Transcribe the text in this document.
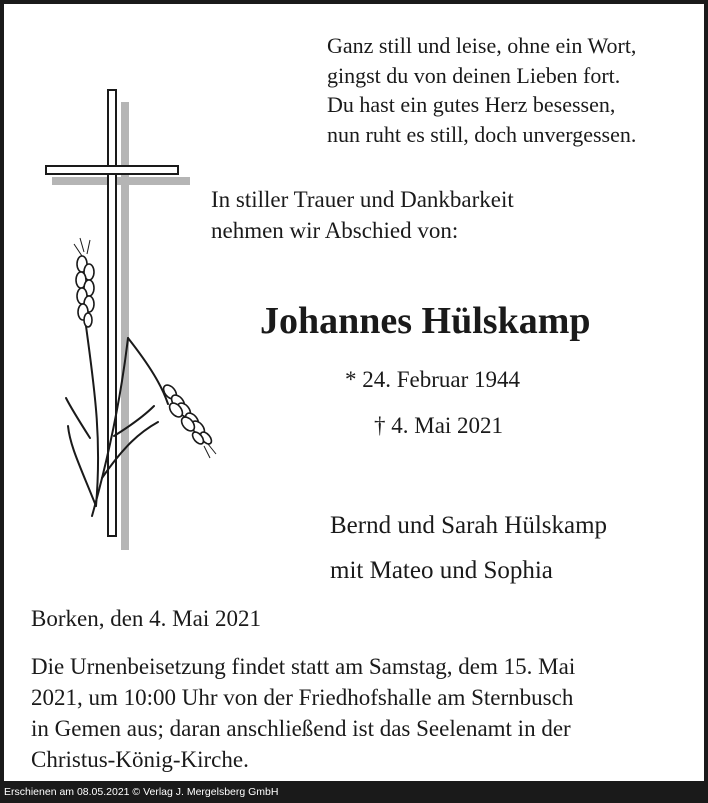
Ganz still und leise, ohne ein Wort,
gingst du von deinen Lieben fort.
Du hast ein gutes Herz besessen,
nun ruht es still, doch unvergessen.
In stiller Trauer und Dankbarkeit
nehmen wir Abschied von:
Johannes Hülskamp
* 24. Februar 1944
† 4. Mai 2021
Bernd und Sarah Hülskamp
mit Mateo und Sophia
Borken, den 4. Mai 2021
Die Urnenbeisetzung findet statt am Samstag, dem 15. Mai
2021, um 10:00 Uhr von der Friedhofshalle am Sternbusch
in Gemen aus; daran anschließend ist das Seelenamt in der
Christus-König-Kirche.
Erschienen am 08.05.2021 © Verlag J. Mergelsberg GmbH
